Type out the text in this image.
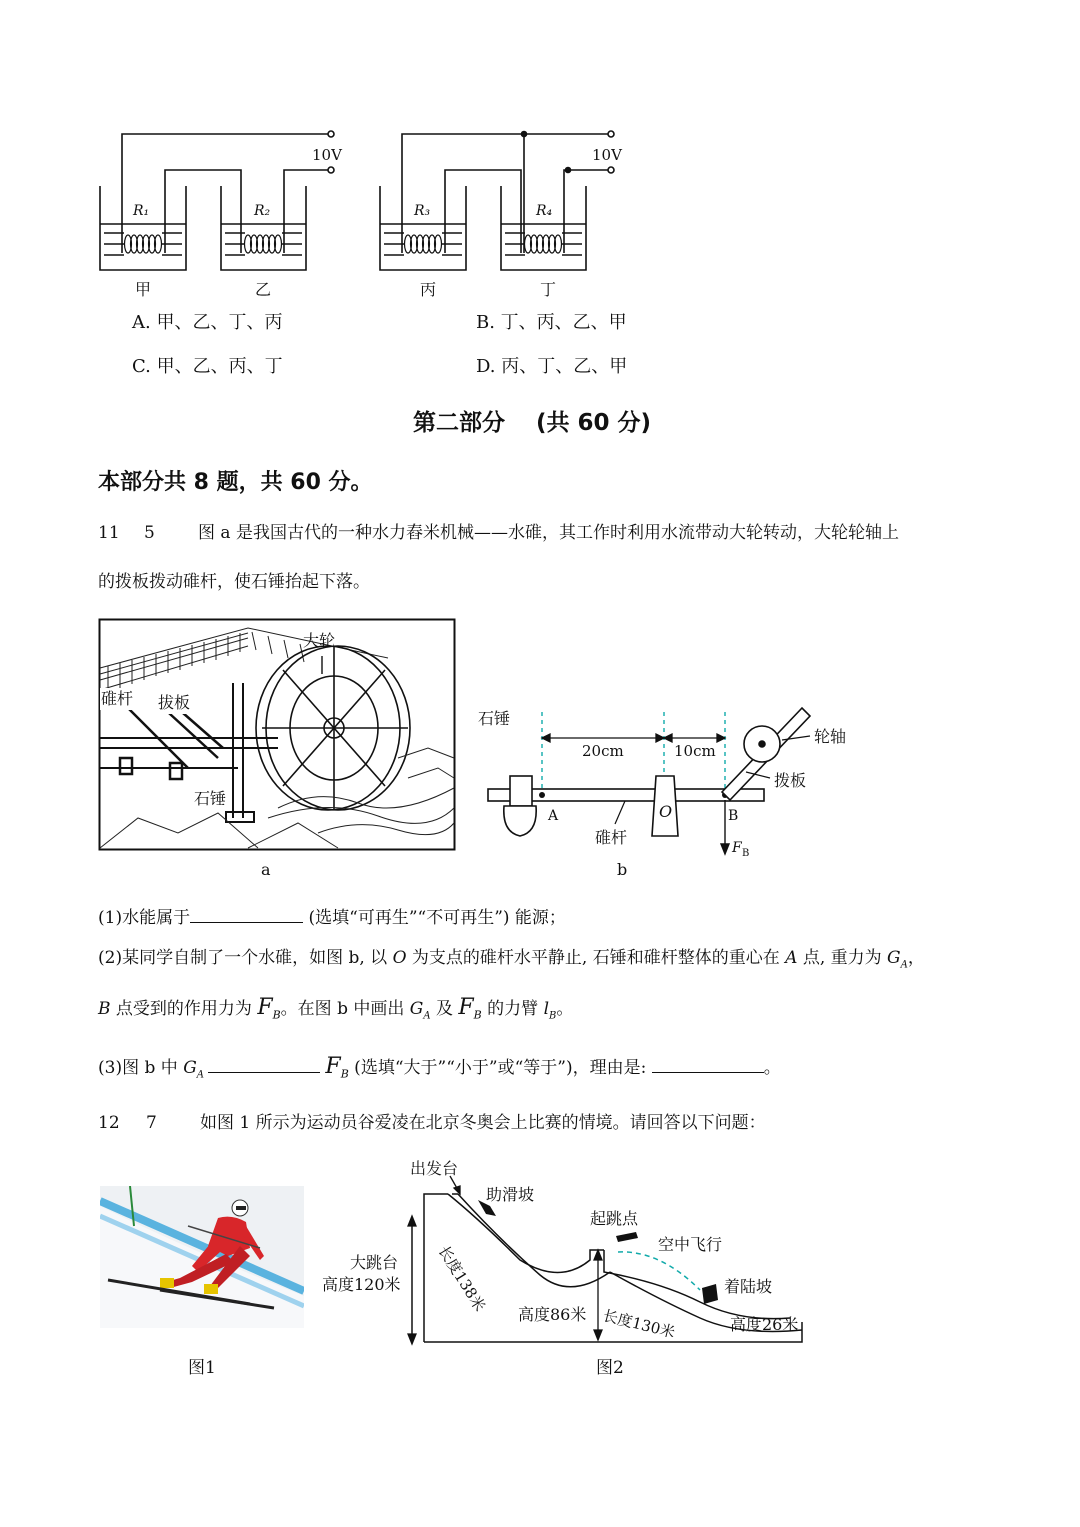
10V	10V
R₁	R₂	R₃	R₄
甲	乙	丙	丁
A. 甲、乙、丁、丙	B. 丁、丙、乙、甲
C. 甲、乙、丙、丁	D. 丙、丁、乙、甲
第二部分　 (共 60 分)
本部分共 8 题，共 60 分。
11 5	图 a 是我国古代的一种水力舂米机械——水碓，其工作时利用水流带动大轮转动，大轮轮轴上
的拨板拨动碓杆，使石锤抬起下落。
大轮
碓杆 拔板
石锤
a
O
石锤
20cm	10cm
轮轴
拨板
A	B
碓杆
F B
b
(1)水能属于	(选填“可再生”“不可再生”) 能源；
(2)某同学自制了一个水碓，如图 b, 以 O 为支点的碓杆水平静止, 石锤和碓杆整体的重心在 A 点, 重力为 $G_A$，
B 点受到的作用力为 $F_B$。在图 b 中画出 $G_A$ 及 $F_B$ 的力臂 $l_B$。
(3)图 b 中 $G_A$	$F_B$ (选填“大于”“小于”或“等于”)，理由是:	。
12 7	如图 1 所示为运动员谷爱凌在北京冬奥会上比赛的情境。请回答以下问题：
图1
出发台
助滑坡
起跳点
空中飞行
着陆坡
大跳台
高度120米 长度138米 高度86米 长度130米	高度26米
图2
